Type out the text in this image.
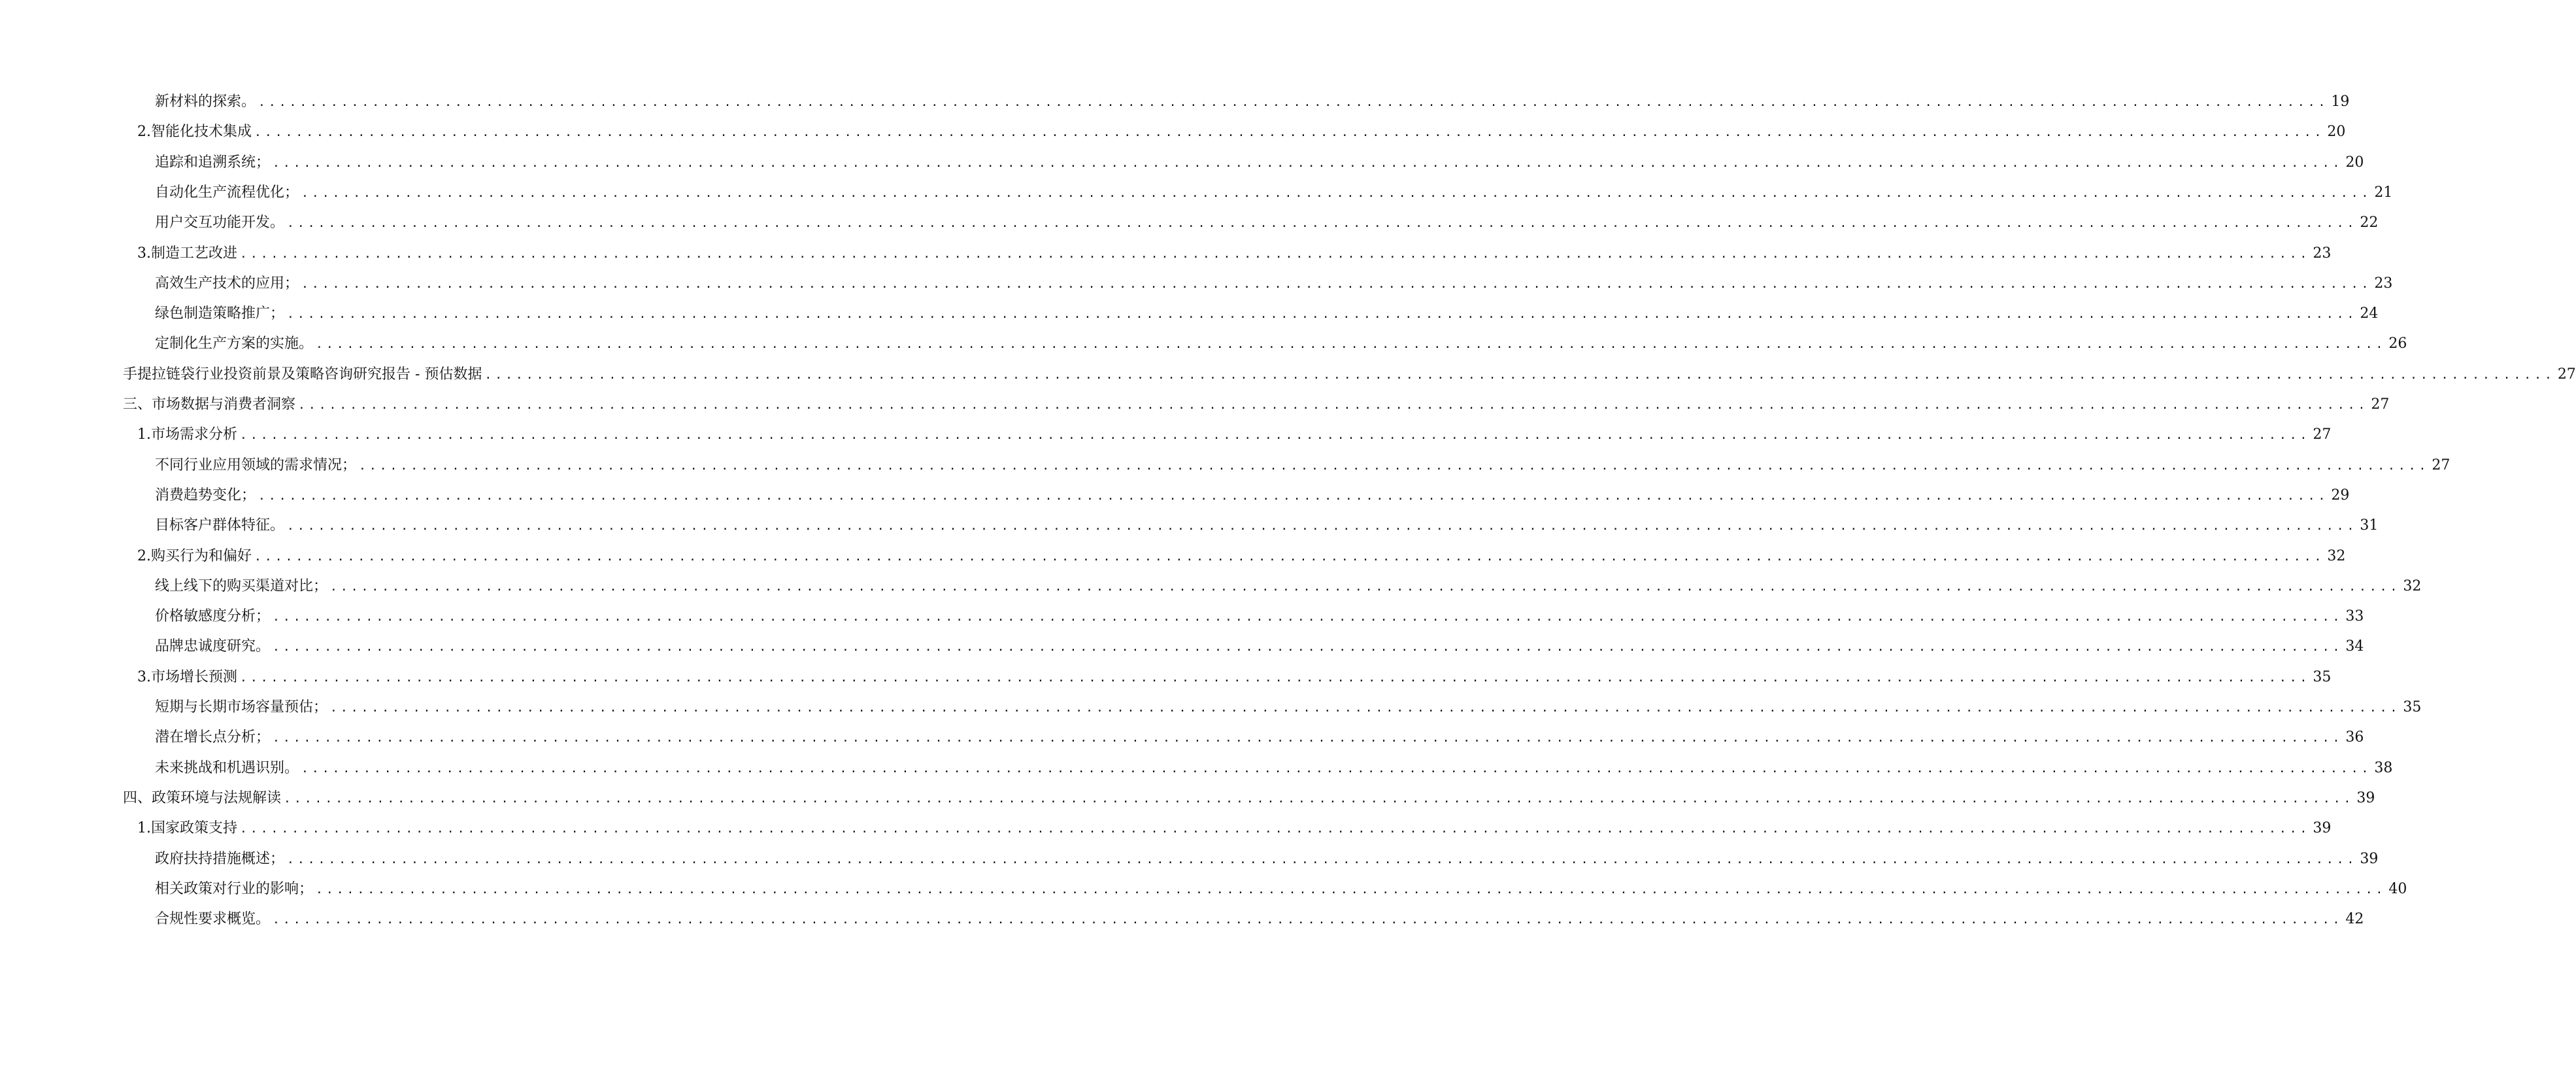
新材料的探索。 ........................................................................................................................................................................................................ 19
2. 智能化技术集成 ........................................................................................................................................................................................................ 20
追踪和追溯系统； ........................................................................................................................................................................................................ 20
自动化生产流程优化； ........................................................................................................................................................................................................ 21
用户交互功能开发。 ........................................................................................................................................................................................................ 22
3. 制造工艺改进 ........................................................................................................................................................................................................ 23
高效生产技术的应用； ........................................................................................................................................................................................................ 23
绿色制造策略推广； ........................................................................................................................................................................................................ 24
定制化生产方案的实施。 ........................................................................................................................................................................................................ 26
手提拉链袋行业投资前景及策略咨询研究报告 - 预估数据 ........................................................................................................................................................................................................ 27
三、市场数据与消费者洞察 ........................................................................................................................................................................................................ 27
1. 市场需求分析 ........................................................................................................................................................................................................ 27
不同行业应用领域的需求情况； ........................................................................................................................................................................................................ 27
消费趋势变化； ........................................................................................................................................................................................................ 29
目标客户群体特征。 ........................................................................................................................................................................................................ 31
2. 购买行为和偏好 ........................................................................................................................................................................................................ 32
线上线下的购买渠道对比； ........................................................................................................................................................................................................ 32
价格敏感度分析； ........................................................................................................................................................................................................ 33
品牌忠诚度研究。 ........................................................................................................................................................................................................ 34
3. 市场增长预测 ........................................................................................................................................................................................................ 35
短期与长期市场容量预估； ........................................................................................................................................................................................................ 35
潜在增长点分析； ........................................................................................................................................................................................................ 36
未来挑战和机遇识别。 ........................................................................................................................................................................................................ 38
四、政策环境与法规解读 ........................................................................................................................................................................................................ 39
1. 国家政策支持 ........................................................................................................................................................................................................ 39
政府扶持措施概述； ........................................................................................................................................................................................................ 39
相关政策对行业的影响； ........................................................................................................................................................................................................ 40
合规性要求概览。 ........................................................................................................................................................................................................ 42
